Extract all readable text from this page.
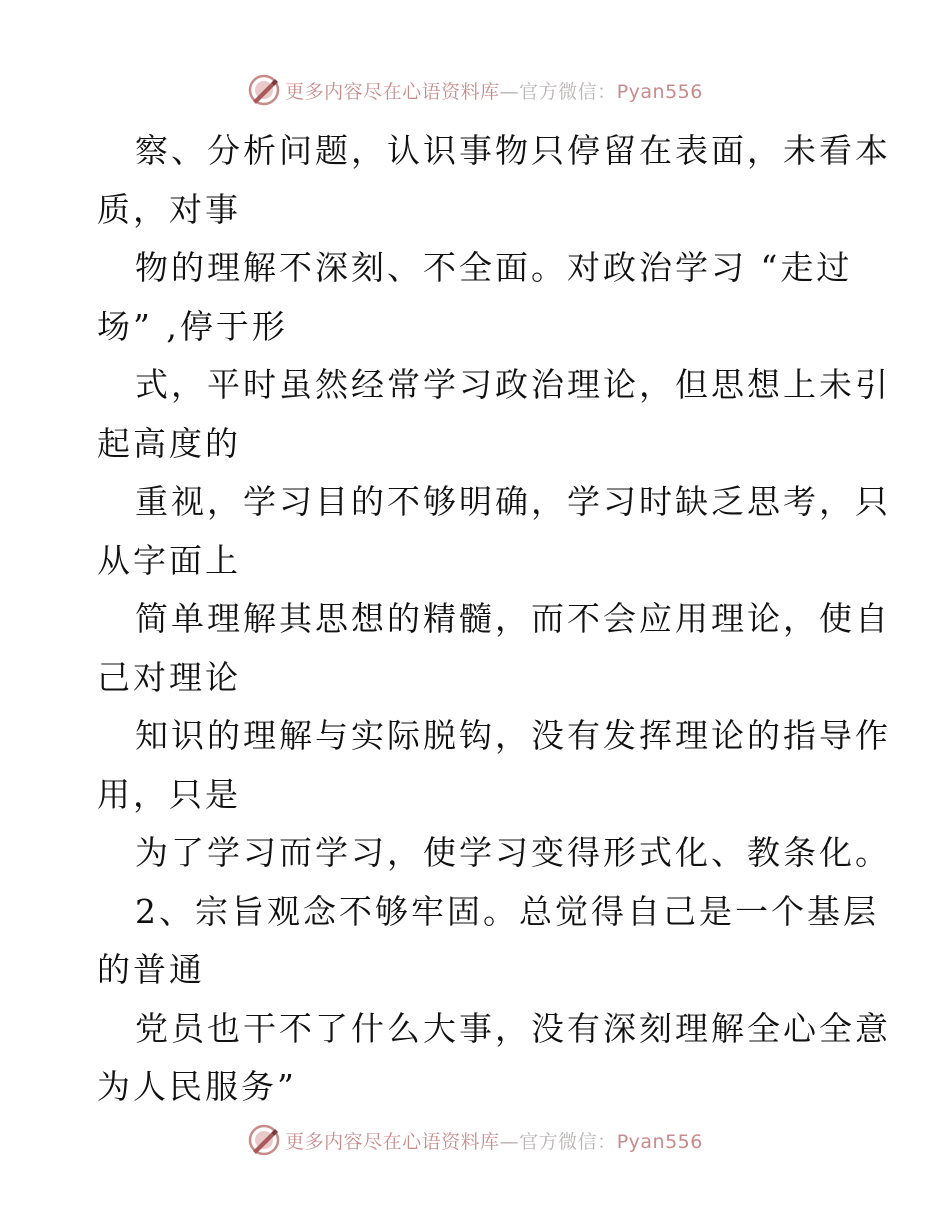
更多内容尽在心语资料库—官方微信：Pyan556
察、分析问题，认识事物只停留在表面，未看本
质，对事
物的理解不深刻、不全面。对政治学习 “走过
场” ,停于形
式，平时虽然经常学习政治理论，但思想上未引
起高度的
重视，学习目的不够明确，学习时缺乏思考，只
从字面上
简单理解其思想的精髓，而不会应用理论，使自
己对理论
知识的理解与实际脱钩，没有发挥理论的指导作
用，只是
为了学习而学习，使学习变得形式化、教条化。
2、宗旨观念不够牢固。总觉得自己是一个基层
的普通
党员也干不了什么大事，没有深刻理解全心全意
为人民服务”
更多内容尽在心语资料库—官方微信：Pyan556
